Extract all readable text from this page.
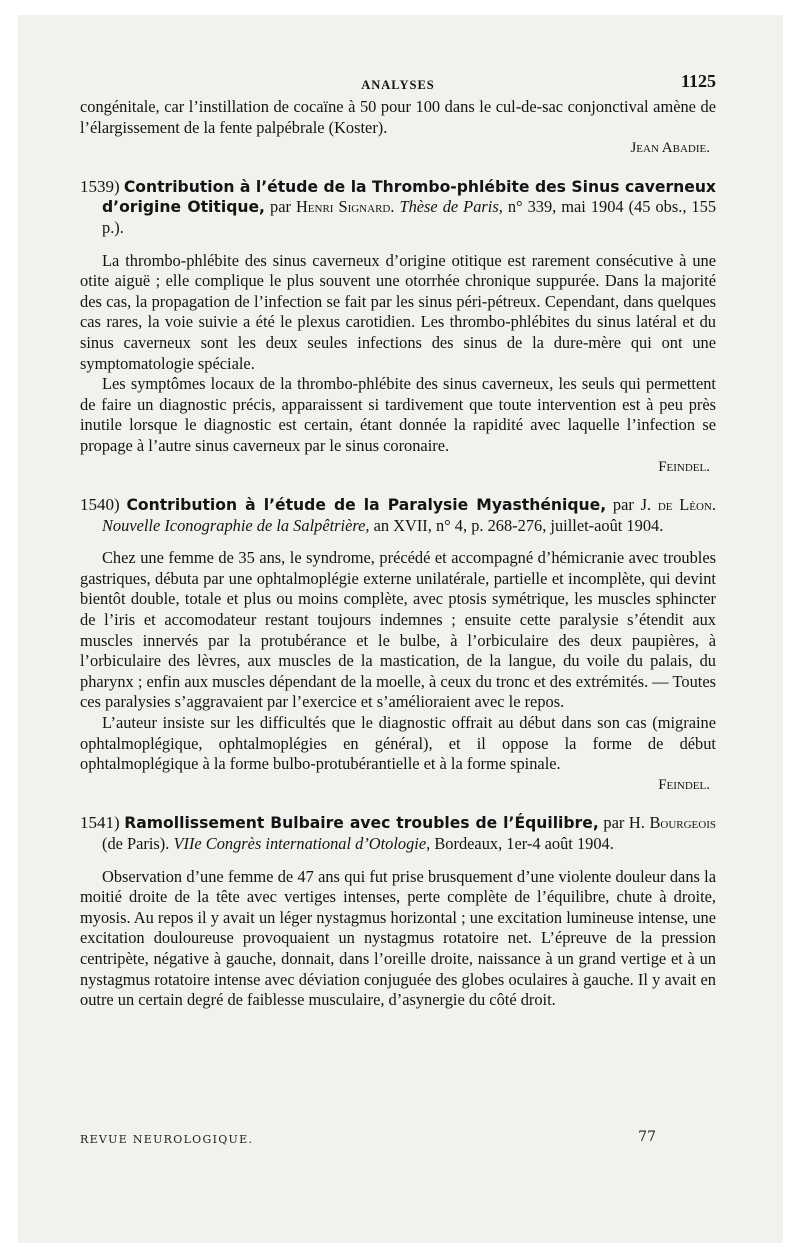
ANALYSES	1125

congénitale, car l’instillation de cocaïne à 50 pour 100 dans le cul-de-sac conjonctival amène de l’élargissement de la fente palpébrale (Koster).

Jean Abadie.

1539) Contribution à l’étude de la Thrombo-phlébite des Sinus caverneux d’origine Otitique, par Henri Signard. Thèse de Paris, n° 339, mai 1904 (45 obs., 155 p.).

La thrombo-phlébite des sinus caverneux d’origine otitique est rarement consécutive à une otite aiguë ; elle complique le plus souvent une otorrhée chronique suppurée. Dans la majorité des cas, la propagation de l’infection se fait par les sinus péri-pétreux. Cependant, dans quelques cas rares, la voie suivie a été le plexus carotidien. Les thrombo-phlébites du sinus latéral et du sinus caverneux sont les deux seules infections des sinus de la dure-mère qui ont une symptomatologie spéciale.

Les symptômes locaux de la thrombo-phlébite des sinus caverneux, les seuls qui permettent de faire un diagnostic précis, apparaissent si tardivement que toute intervention est à peu près inutile lorsque le diagnostic est certain, étant donnée la rapidité avec laquelle l’infection se propage à l’autre sinus caverneux par le sinus coronaire.

Feindel.

1540) Contribution à l’étude de la Paralysie Myasthénique, par J. de Léon. Nouvelle Iconographie de la Salpêtrière, an XVII, n° 4, p. 268-276, juillet-août 1904.

Chez une femme de 35 ans, le syndrome, précédé et accompagné d’hémicranie avec troubles gastriques, débuta par une ophtalmoplégie externe unilatérale, partielle et incomplète, qui devint bientôt double, totale et plus ou moins complète, avec ptosis symétrique, les muscles sphincter de l’iris et accomodateur restant toujours indemnes ; ensuite cette paralysie s’étendit aux muscles innervés par la protubérance et le bulbe, à l’orbiculaire des deux paupières, à l’orbiculaire des lèvres, aux muscles de la mastication, de la langue, du voile du palais, du pharynx ; enfin aux muscles dépendant de la moelle, à ceux du tronc et des extrémités. — Toutes ces paralysies s’aggravaient par l’exercice et s’amélioraient avec le repos.

L’auteur insiste sur les difficultés que le diagnostic offrait au début dans son cas (migraine ophtalmoplégique, ophtalmoplégies en général), et il oppose la forme de début ophtalmoplégique à la forme bulbo-protubérantielle et à la forme spinale.

Feindel.

1541) Ramollissement Bulbaire avec troubles de l’Équilibre, par H. Bourgeois (de Paris). VIIe Congrès international d’Otologie, Bordeaux, 1er-4 août 1904.

Observation d’une femme de 47 ans qui fut prise brusquement d’une violente douleur dans la moitié droite de la tête avec vertiges intenses, perte complète de l’équilibre, chute à droite, myosis. Au repos il y avait un léger nystagmus horizontal ; une excitation lumineuse intense, une excitation douloureuse provoquaient un nystagmus rotatoire net. L’épreuve de la pression centripète, négative à gauche, donnait, dans l’oreille droite, naissance à un grand vertige et à un nystagmus rotatoire intense avec déviation conjuguée des globes oculaires à gauche. Il y avait en outre un certain degré de faiblesse musculaire, d’asynergie du côté droit.

REVUE NEUROLOGIQUE.	77
